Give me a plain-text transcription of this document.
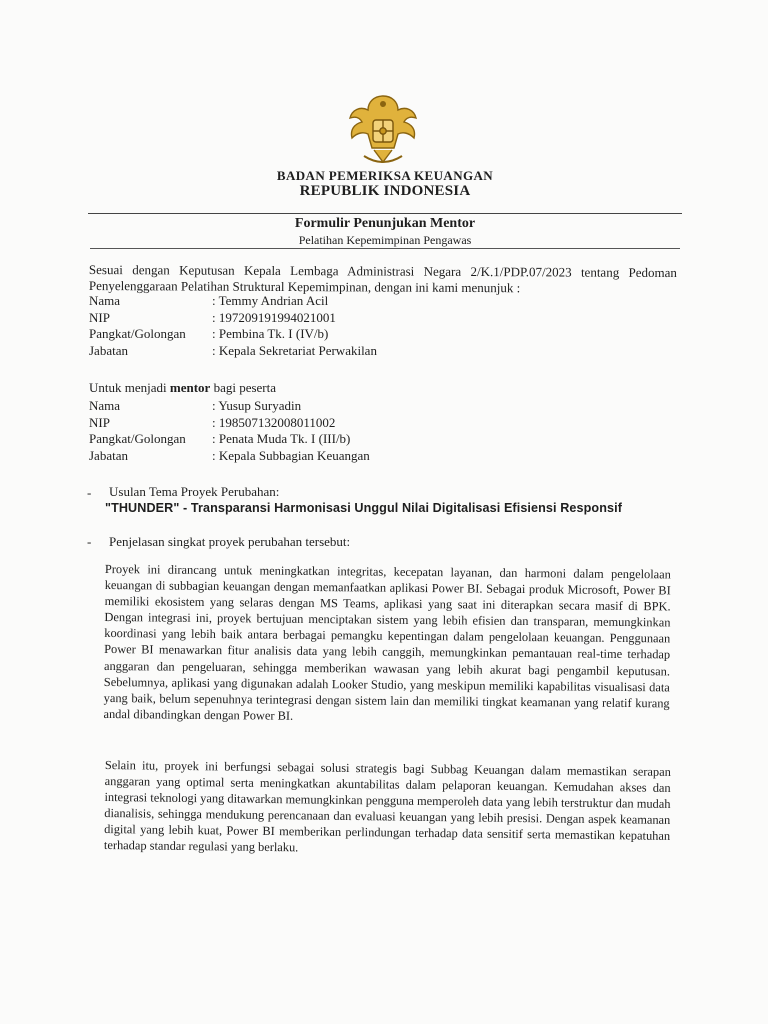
BADAN PEMERIKSA KEUANGAN
REPUBLIK INDONESIA
Formulir Penunjukan Mentor
Pelatihan Kepemimpinan Pengawas
Sesuai dengan Keputusan Kepala Lembaga Administrasi Negara 2/K.1/PDP.07/2023 tentang Pedoman Penyelenggaraan Pelatihan Struktural Kepemimpinan, dengan ini kami menunjuk :
Nama	: Temmy Andrian Acil
NIP	: 197209191994021001
Pangkat/Golongan	: Pembina Tk. I (IV/b)
Jabatan	: Kepala Sekretariat Perwakilan
Untuk menjadi mentor bagi peserta
Nama	: Yusup Suryadin
NIP	: 198507132008011002
Pangkat/Golongan	: Penata Muda Tk. I (III/b)
Jabatan	: Kepala Subbagian Keuangan
- Usulan Tema Proyek Perubahan:
"THUNDER" - Transparansi Harmonisasi Unggul Nilai Digitalisasi Efisiensi Responsif
- Penjelasan singkat proyek perubahan tersebut:
Proyek ini dirancang untuk meningkatkan integritas, kecepatan layanan, dan harmoni dalam pengelolaan keuangan di subbagian keuangan dengan memanfaatkan aplikasi Power BI. Sebagai produk Microsoft, Power BI memiliki ekosistem yang selaras dengan MS Teams, aplikasi yang saat ini diterapkan secara masif di BPK. Dengan integrasi ini, proyek bertujuan menciptakan sistem yang lebih efisien dan transparan, memungkinkan koordinasi yang lebih baik antara berbagai pemangku kepentingan dalam pengelolaan keuangan. Penggunaan Power BI menawarkan fitur analisis data yang lebih canggih, memungkinkan pemantauan real-time terhadap anggaran dan pengeluaran, sehingga memberikan wawasan yang lebih akurat bagi pengambil keputusan. Sebelumnya, aplikasi yang digunakan adalah Looker Studio, yang meskipun memiliki kapabilitas visualisasi data yang baik, belum sepenuhnya terintegrasi dengan sistem lain dan memiliki tingkat keamanan yang relatif kurang andal dibandingkan dengan Power BI.
Selain itu, proyek ini berfungsi sebagai solusi strategis bagi Subbag Keuangan dalam memastikan serapan anggaran yang optimal serta meningkatkan akuntabilitas dalam pelaporan keuangan. Kemudahan akses dan integrasi teknologi yang ditawarkan memungkinkan pengguna memperoleh data yang lebih terstruktur dan mudah dianalisis, sehingga mendukung perencanaan dan evaluasi keuangan yang lebih presisi. Dengan aspek keamanan digital yang lebih kuat, Power BI memberikan perlindungan terhadap data sensitif serta memastikan kepatuhan terhadap standar regulasi yang berlaku.
